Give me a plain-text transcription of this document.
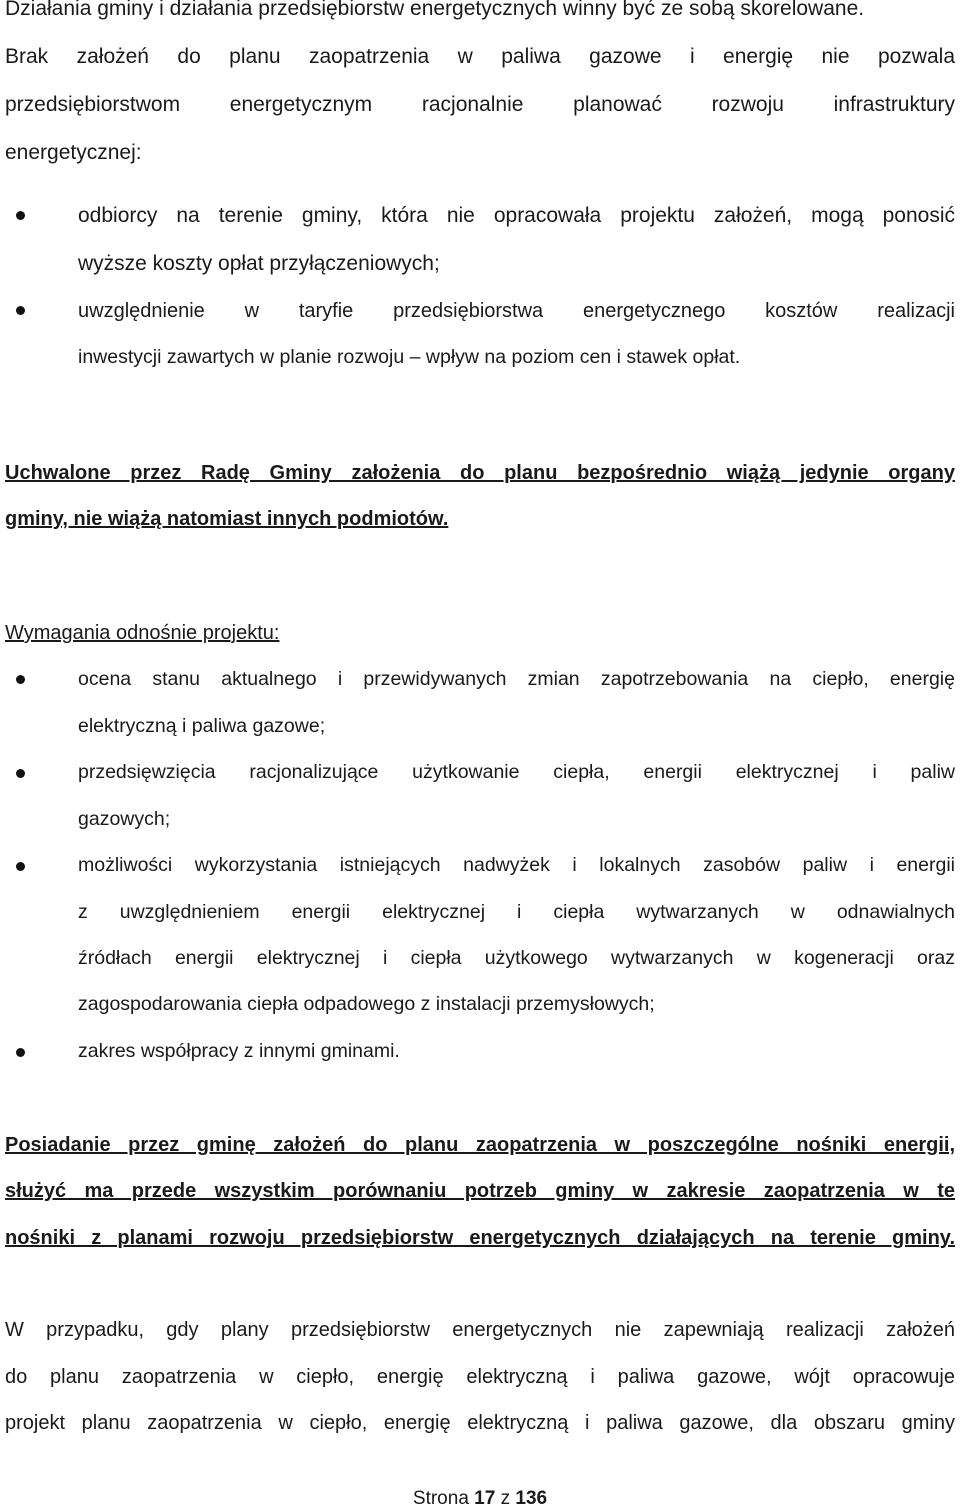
Działania gminy i działania przedsiębiorstw energetycznych winny być ze sobą skorelowane.
Brak założeń do planu zaopatrzenia w paliwa gazowe i energię nie pozwala
przedsiębiorstwom energetycznym racjonalnie planować rozwoju infrastruktury
energetycznej:
odbiorcy na terenie gminy, która nie opracowała projektu założeń, mogą ponosić
wyższe koszty opłat przyłączeniowych;
uwzględnienie w taryfie przedsiębiorstwa energetycznego kosztów realizacji
inwestycji zawartych w planie rozwoju – wpływ na poziom cen i stawek opłat.
Uchwalone przez Radę Gminy założenia do planu bezpośrednio wiążą jedynie organy
gminy, nie wiążą natomiast innych podmiotów.
Wymagania odnośnie projektu:
ocena stanu aktualnego i przewidywanych zmian zapotrzebowania na ciepło, energię
elektryczną i paliwa gazowe;
przedsięwzięcia racjonalizujące użytkowanie ciepła, energii elektrycznej i paliw
gazowych;
możliwości wykorzystania istniejących nadwyżek i lokalnych zasobów paliw i energii
z uwzględnieniem energii elektrycznej i ciepła wytwarzanych w odnawialnych
źródłach energii elektrycznej i ciepła użytkowego wytwarzanych w kogeneracji oraz
zagospodarowania ciepła odpadowego z instalacji przemysłowych;
zakres współpracy z innymi gminami.
Posiadanie przez gminę założeń do planu zaopatrzenia w poszczególne nośniki energii,
służyć ma przede wszystkim porównaniu potrzeb gminy w zakresie zaopatrzenia w te
nośniki z planami rozwoju przedsiębiorstw energetycznych działających na terenie gminy.
W przypadku, gdy plany przedsiębiorstw energetycznych nie zapewniają realizacji założeń
do planu zaopatrzenia w ciepło, energię elektryczną i paliwa gazowe, wójt opracowuje
projekt planu zaopatrzenia w ciepło, energię elektryczną i paliwa gazowe, dla obszaru gminy
Strona 17 z 136
